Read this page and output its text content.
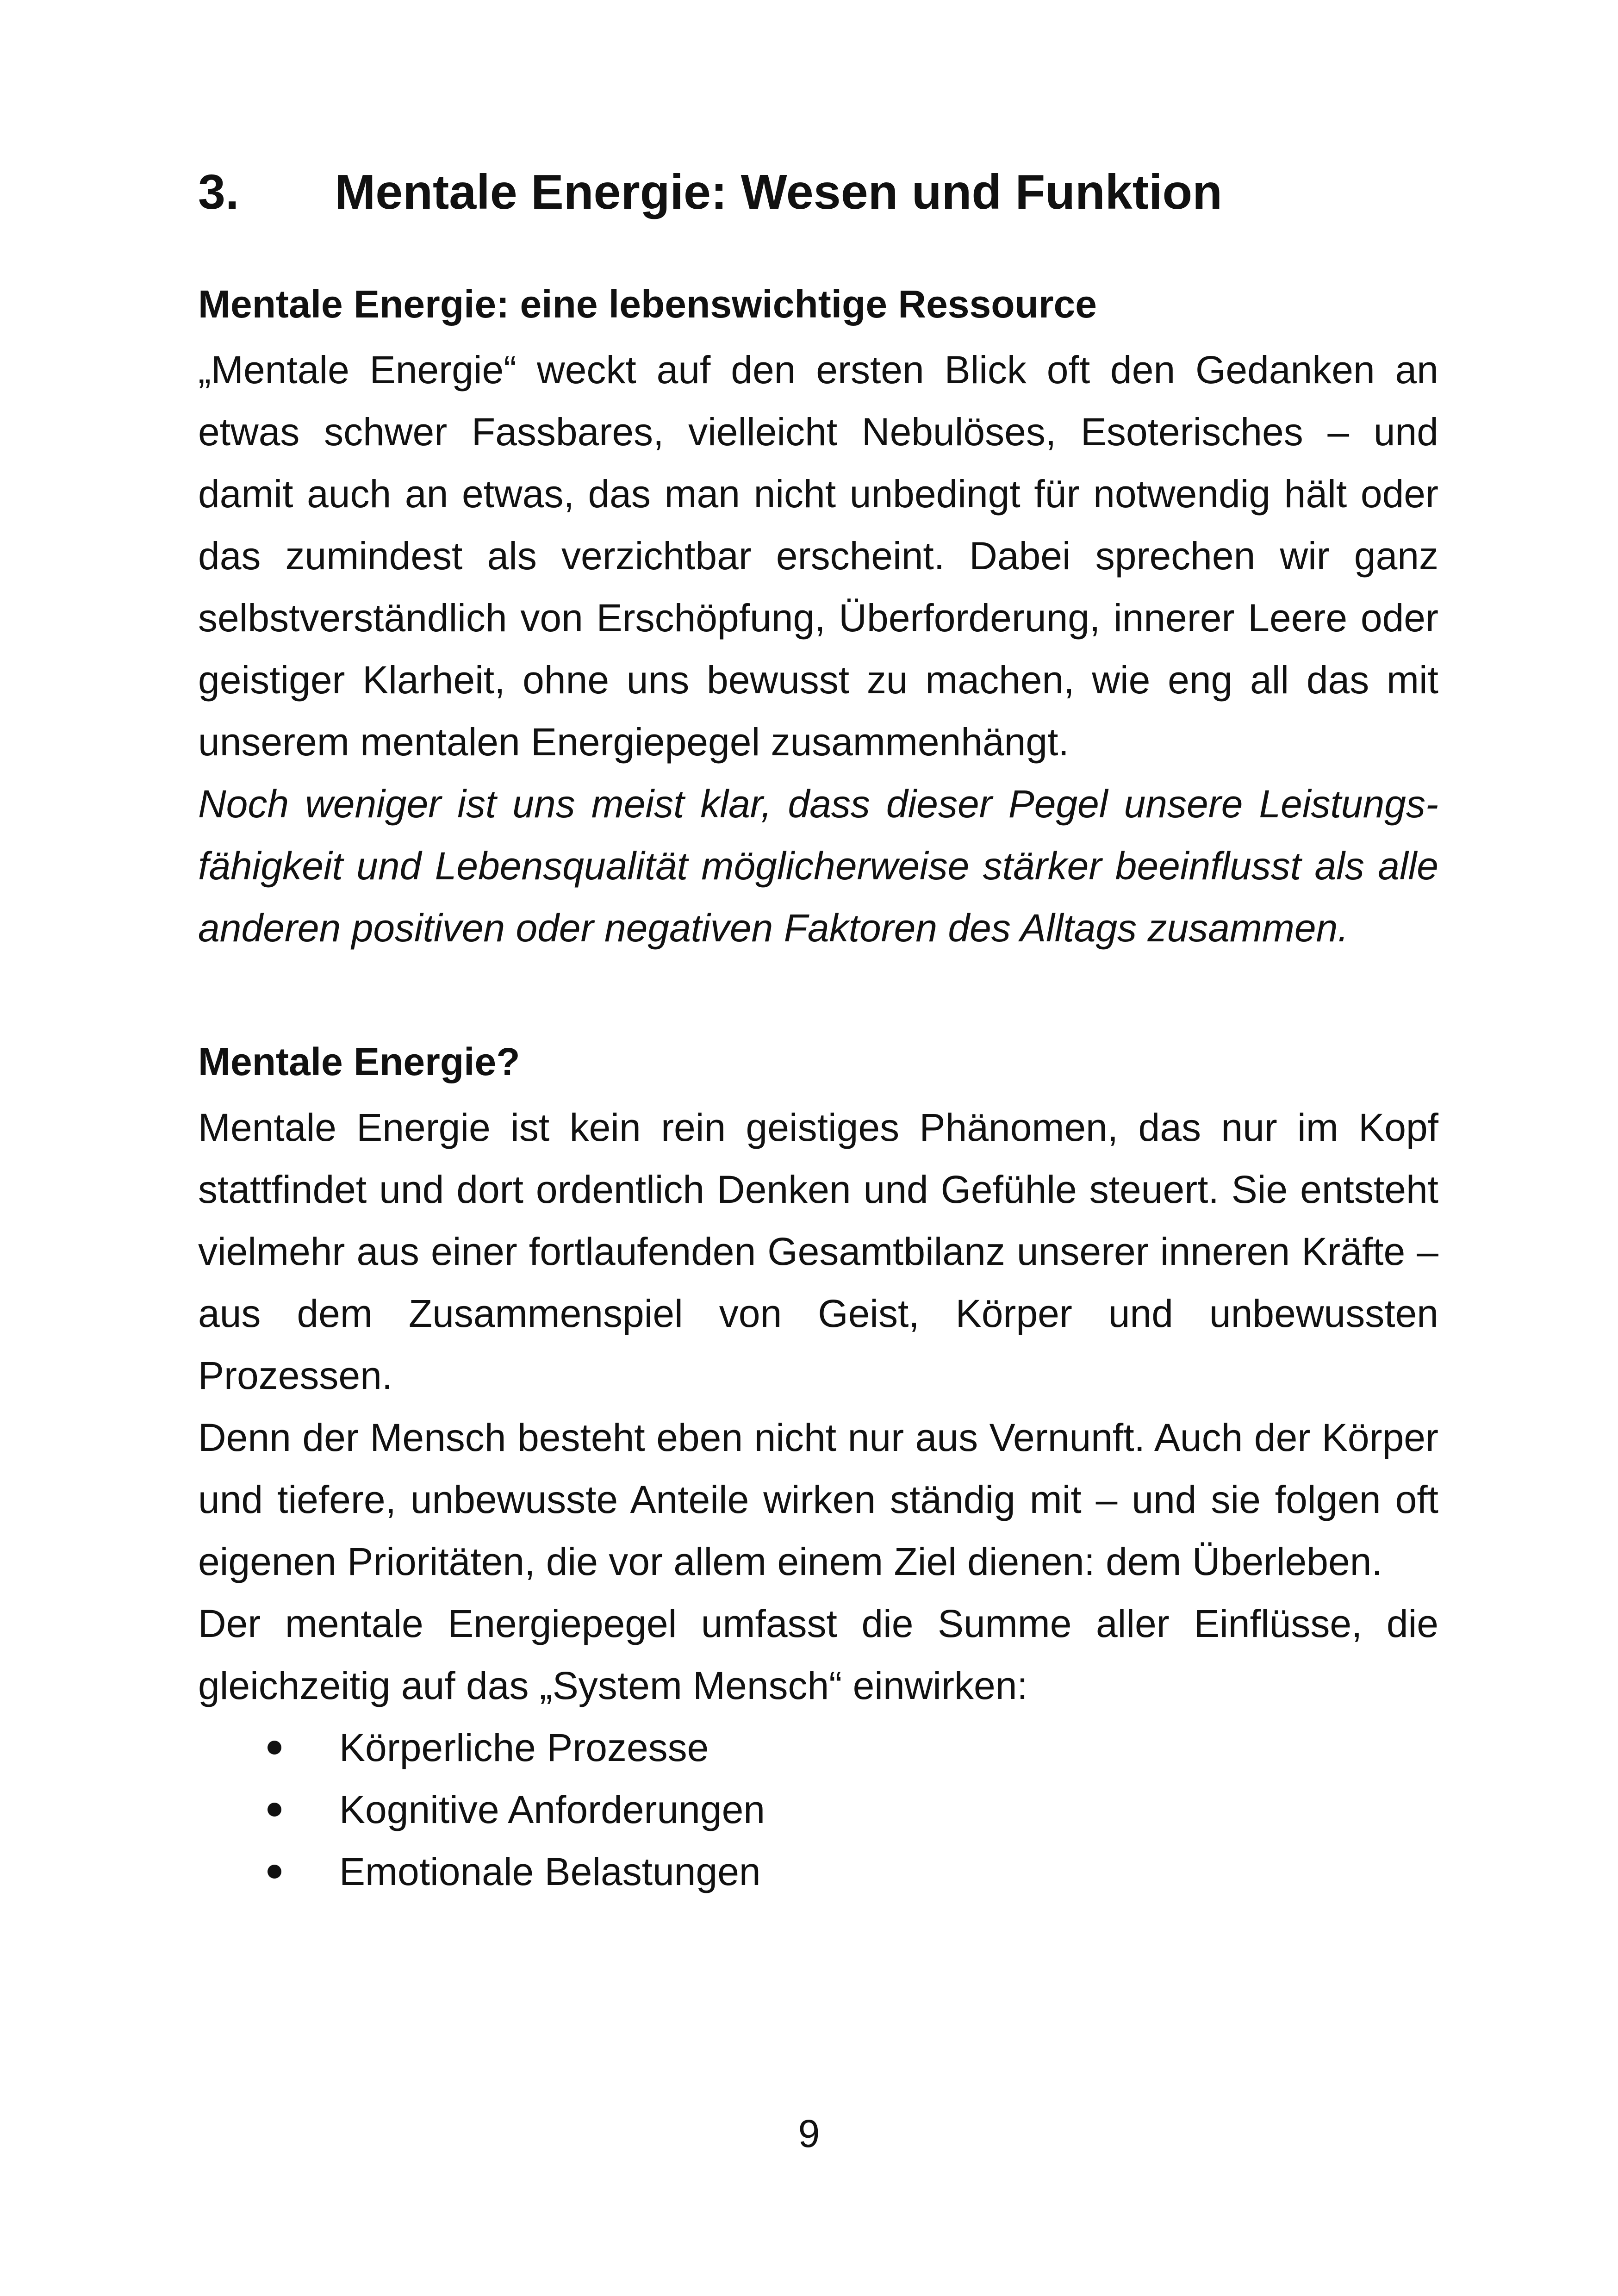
3.	Mentale Energie: Wesen und Funktion
Mentale Energie: eine lebenswichtige Ressource

„Mentale Energie“ weckt auf den ersten Blick oft den Gedanken an etwas schwer Fassbares, vielleicht Nebulöses, Esoterisches – und damit auch an etwas, das man nicht unbedingt für notwendig hält oder das zumindest als verzichtbar erscheint. Dabei sprechen wir ganz selbstverständlich von Erschöpfung, Überforderung, innerer Leere oder geistiger Klarheit, ohne uns bewusst zu machen, wie eng all das mit unserem mentalen Energiepegel zusammenhängt.

Noch weniger ist uns meist klar, dass dieser Pegel unsere Leistungsfähigkeit und Lebensqualität möglicherweise stärker beeinflusst als alle anderen positiven oder negativen Faktoren des Alltags zusammen.

Mentale Energie?

Mentale Energie ist kein rein geistiges Phänomen, das nur im Kopf stattfindet und dort ordentlich Denken und Gefühle steuert. Sie entsteht vielmehr aus einer fortlaufenden Gesamtbilanz unserer inneren Kräfte – aus dem Zusammenspiel von Geist, Körper und unbewussten Prozessen.

Denn der Mensch besteht eben nicht nur aus Vernunft. Auch der Körper und tiefere, unbewusste Anteile wirken ständig mit – und sie folgen oft eigenen Prioritäten, die vor allem einem Ziel dienen: dem Überleben.

Der mentale Energiepegel umfasst die Summe aller Einflüsse, die gleichzeitig auf das „System Mensch“ einwirken:

Körperliche Prozesse
Kognitive Anforderungen
Emotionale Belastungen
9
